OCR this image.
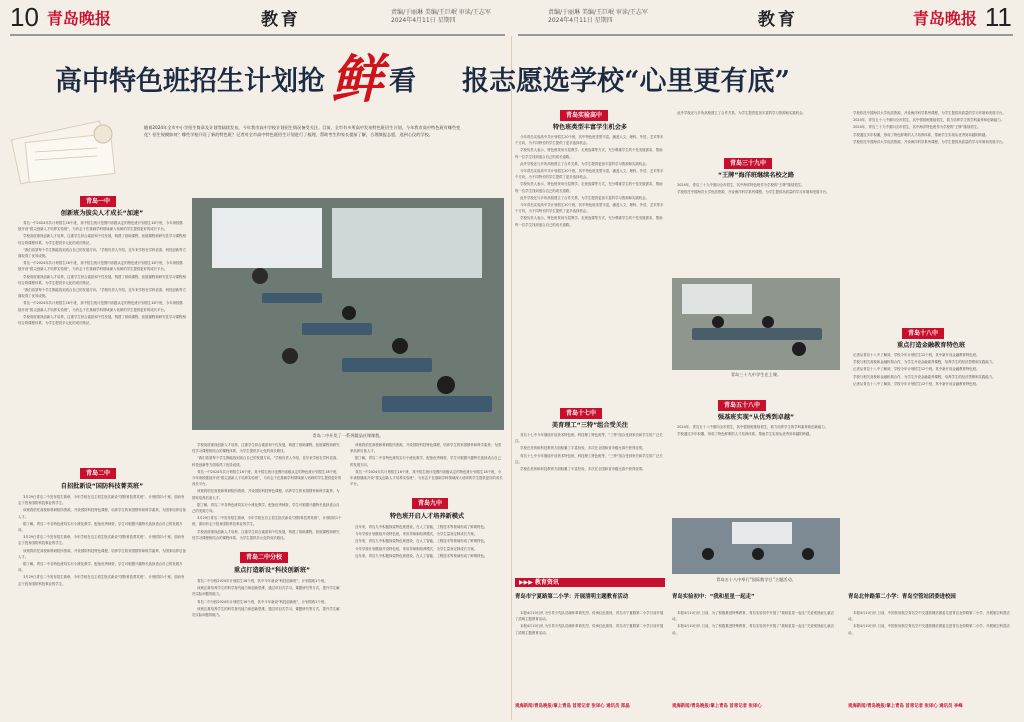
10 青岛晚报	教育	责编/于丽琳 美编/王巨岷 审读/王志军
2024年4月11日 星期四
责编/于丽琳 美编/王巨岷 审读/王志军
2024年4月11日 星期四	教育	青岛晚报 11
高中特色班招生计划抢 鲜 看 报志愿选学校“心里更有底”
随着2024年全市中小学招生简章及计划等陆续发布，今年我市高中学校计划招生情况备受关注。目前，全市有多所高中发布特色班招生计划，今年我市高中特色班有哪些变化？招生规模如何？哪些学校开设了新的特色班？记者对全市高中特色班招生计划进行了梳理，帮助考生和家长提前了解，合理填报志愿，选到心仪的学校。
青岛一中
创新班为拔尖人才成长“加速”

青岛一中2024年共计划招生16个班，其中招生统计范围内省级认定的特色班计划招生18个班，今年该校继续开设“拔尖创新人才培养实验班”，为有志于在基础学科领域深入钻研的学生提供更好的成长平台。

学校高度重视创新人才培养，注重学生综合素质和个性发展，构建了基础课程、拓展课程和研究性学习课程相结合的课程体系，为学生提供多元化的成长路径。

“我们希望每个学生都能找到适合自己的发展方向。”学校负责人介绍，近年来学校在学科竞赛、科技创新等方面取得了优异成绩。

青岛一中2024年共计划招生16个班，其中招生统计范围内省级认定的特色班计划招生18个班，今年该校继续开设“拔尖创新人才培养实验班”，为有志于在基础学科领域深入钻研的学生提供更好的成长平台。

学校高度重视创新人才培养，注重学生综合素质和个性发展，构建了基础课程、拓展课程和研究性学习课程相结合的课程体系，为学生提供多元化的成长路径。

“我们希望每个学生都能找到适合自己的发展方向。”学校负责人介绍，近年来学校在学科竞赛、科技创新等方面取得了优异成绩。

青岛一中2024年共计划招生16个班，其中招生统计范围内省级认定的特色班计划招生18个班，今年该校继续开设“拔尖创新人才培养实验班”，为有志于在基础学科领域深入钻研的学生提供更好的成长平台。

学校高度重视创新人才培养，注重学生综合素质和个性发展，构建了基础课程、拓展课程和研究性学习课程相结合的课程体系，为学生提供多元化的成长路径。

青岛二中
自招批新设“国防科技菁英班”

3月29日青岛二中发布招生简章，今年学校在自主招生批次新设“国防科技菁英班”，计划招收1个班，面向有志于投身国防科技事业的学生。

该班将依托高校和科研院所资源，开设国防科技特色课程，培养学生的家国情怀和科学素养，为国家培养后备人才。

据了解，青岛二中各特色班均实行小班化教学，配备优秀师资，学生可根据兴趣特长选择适合自己的发展方向。

3月29日青岛二中发布招生简章，今年学校在自主招生批次新设“国防科技菁英班”，计划招收1个班，面向有志于投身国防科技事业的学生。

该班将依托高校和科研院所资源，开设国防科技特色课程，培养学生的家国情怀和科学素养，为国家培养后备人才。

据了解，青岛二中各特色班均实行小班化教学，配备优秀师资，学生可根据兴趣特长选择适合自己的发展方向。

3月29日青岛二中发布招生简章，今年学校在自主招生批次新设“国防科技菁英班”，计划招收1个班，面向有志于投身国防科技事业的学生。

青岛二中开发了一系列精品社课课程。

学校高度重视创新人才培养，注重学生综合素质和个性发展，构建了基础课程、拓展课程和研究性学习课程相结合的课程体系，为学生提供多元化的成长路径。

“我们希望每个学生都能找到适合自己的发展方向。”学校负责人介绍，近年来学校在学科竞赛、科技创新等方面取得了优异成绩。

青岛一中2024年共计划招生16个班，其中招生统计范围内省级认定的特色班计划招生18个班，今年该校继续开设“拔尖创新人才培养实验班”，为有志于在基础学科领域深入钻研的学生提供更好的成长平台。

该班将依托高校和科研院所资源，开设国防科技特色课程，培养学生的家国情怀和科学素养，为国家培养后备人才。

据了解，青岛二中各特色班均实行小班化教学，配备优秀师资，学生可根据兴趣特长选择适合自己的发展方向。

3月29日青岛二中发布招生简章，今年学校在自主招生批次新设“国防科技菁英班”，计划招收1个班，面向有志于投身国防科技事业的学生。

学校高度重视创新人才培养，注重学生综合素质和个性发展，构建了基础课程、拓展课程和研究性学习课程相结合的课程体系，为学生提供多元化的成长路径。

该班将依托高校和科研院所资源，开设国防科技特色课程，培养学生的家国情怀和科学素养，为国家培养后备人才。

据了解，青岛二中各特色班均实行小班化教学，配备优秀师资，学生可根据兴趣特长选择适合自己的发展方向。

青岛一中2024年共计划招生16个班，其中招生统计范围内省级认定的特色班计划招生18个班，今年该校继续开设“拔尖创新人才培养实验班”，为有志于在基础学科领域深入钻研的学生提供更好的成长平台。

青岛二中分校
重点打造新设“科技创新班”

青岛二中分校2024年计划招生16个班，其中今年新设“科技创新班”，计划招收1个班。

该班注重培养学生的科学探究能力和创新思维，通过项目式学习、课题研究等方式，提升学生解决实际问题的能力。

青岛二中分校2024年计划招生16个班，其中今年新设“科技创新班”，计划招收1个班。

该班注重培养学生的科学探究能力和创新思维，通过项目式学习、课题研究等方式，提升学生解决实际问题的能力。

青岛九中
特色班开启人才培养新模式

近年来，青岛九中积极探索特色班建设，在人工智能、工程技术等领域形成了鲜明特色。

今年学校计划继续开设特色班，采用导师制培养模式，为学生量身定制成长方案。

近年来，青岛九中积极探索特色班建设，在人工智能、工程技术等领域形成了鲜明特色。

今年学校计划继续开设特色班，采用导师制培养模式，为学生量身定制成长方案。

近年来，青岛九中积极探索特色班建设，在人工智能、工程技术等领域形成了鲜明特色。

青岛实验高中
特色班类型丰富学生机会多

今年青岛实验高中共计划招生20个班，其中特色班类型丰富，涵盖人文、理科、外语、艺术等多个方向，为不同特长的学生提供了更多选择机会。

学校负责人表示，特色班采用分层教学、走班选课等方式，充分尊重学生的个性发展需求，帮助每一位学生找到适合自己的成长道路。

此外学校还与多所高校建立了合作关系，为学生提供更加丰富的学习资源和实践机会。

今年青岛实验高中共计划招生20个班，其中特色班类型丰富，涵盖人文、理科、外语、艺术等多个方向，为不同特长的学生提供了更多选择机会。

学校负责人表示，特色班采用分层教学、走班选课等方式，充分尊重学生的个性发展需求，帮助每一位学生找到适合自己的成长道路。

此外学校还与多所高校建立了合作关系，为学生提供更加丰富的学习资源和实践机会。

今年青岛实验高中共计划招生20个班，其中特色班类型丰富，涵盖人文、理科、外语、艺术等多个方向，为不同特长的学生提供了更多选择机会。

学校负责人表示，特色班采用分层教学、走班选课等方式，充分尊重学生的个性发展需求，帮助每一位学生找到适合自己的成长道路。

青岛十七中
美育理工“三特”组合受关注

青岛十七中今年继续开设美术特色班、科技理工特色班等，“三特”组合受到家长和学生的广泛关注。

学校在美育和科技教育方面积累了丰富经验，多次在全国和省市级比赛中获得佳绩。

青岛十七中今年继续开设美术特色班、科技理工特色班等，“三特”组合受到家长和学生的广泛关注。

学校在美育和科技教育方面积累了丰富经验，多次在全国和省市级比赛中获得佳绩。

▶▶▶ 教育资讯
青岛市宁夏路第二小学：开展清明主题教育活动

本报4月10日讯 为引导少先队员缅怀革命先烈，传承红色基因，青岛市宁夏路第二小学日前开展了清明主题教育活动。

本报4月10日讯 为引导少先队员缅怀革命先烈，传承红色基因，青岛市宁夏路第二小学日前开展了清明主题教育活动。

观海新闻/青岛晚报/掌上青岛 首席记者 张译心 通讯员 郑晶

此外学校还与多所高校建立了合作关系，为学生提供更加丰富的学习资源和实践机会。

青岛三十九中
“王牌”海洋班继续名校之路

2024年，青岛三十九中面向全市招生，其中海洋特色班作为学校的“王牌”继续招生。

学校依托中国海洋大学优质资源，开设海洋科学系列课程，为学生提供高质量的学习环境和发展平台。

青岛三十九中学生在上课。
青岛五十八中
强基班实现“从优秀到卓越”

2024年，青岛五十八中面向全市招生，其中强基班继续招生，着力培养学生的学科素养和创新能力。

学校通过多年积累，形成了特色鲜明的人才培养体系，帮助学生实现从优秀到卓越的跨越。

青岛五十八中举行“国际数学日”主题活动。
青岛实验初中：“我和星星一起走”

本报4月10日讯 日前，为了积极推进特殊教育，青岛实验初中开展了“我和星星一起走”关爱孤独症儿童活动。

本报4月10日讯 日前，为了积极推进特殊教育，青岛实验初中开展了“我和星星一起走”关爱孤独症儿童活动。

观海新闻/青岛晚报/掌上青岛 首席记者 张译心

学校依托中国海洋大学优质资源，开设海洋科学系列课程，为学生提供高质量的学习环境和发展平台。

2024年，青岛五十八中面向全市招生，其中强基班继续招生，着力培养学生的学科素养和创新能力。

2024年，青岛三十九中面向全市招生，其中海洋特色班作为学校的“王牌”继续招生。

学校通过多年积累，形成了特色鲜明的人才培养体系，帮助学生实现从优秀到卓越的跨越。

学校依托中国海洋大学优质资源，开设海洋科学系列课程，为学生提供高质量的学习环境和发展平台。

青岛十八中
重点打造金融教育特色班

记者从青岛十八中了解到，学校今年计划招生12个班，其中新开设金融教育特色班。

学校与相关高校和金融机构合作，为学生开设金融素养课程，培养学生的经济思维和实践能力。

记者从青岛十八中了解到，学校今年计划招生12个班，其中新开设金融教育特色班。

学校与相关高校和金融机构合作，为学生开设金融素养课程，培养学生的经济思维和实践能力。

记者从青岛十八中了解到，学校今年计划招生12个班，其中新开设金融教育特色班。

青岛北仲路第二小学：青岛空管站团委进校园

本报4月10日讯 日前，中国民用航空青岛空中交通管理站团委走进青岛北仲路第二小学，开展航空科普活动。

本报4月10日讯 日前，中国民用航空青岛空中交通管理站团委走进青岛北仲路第二小学，开展航空科普活动。

观海新闻/青岛晚报/掌上青岛 首席记者 张译心 通讯员 李峰
